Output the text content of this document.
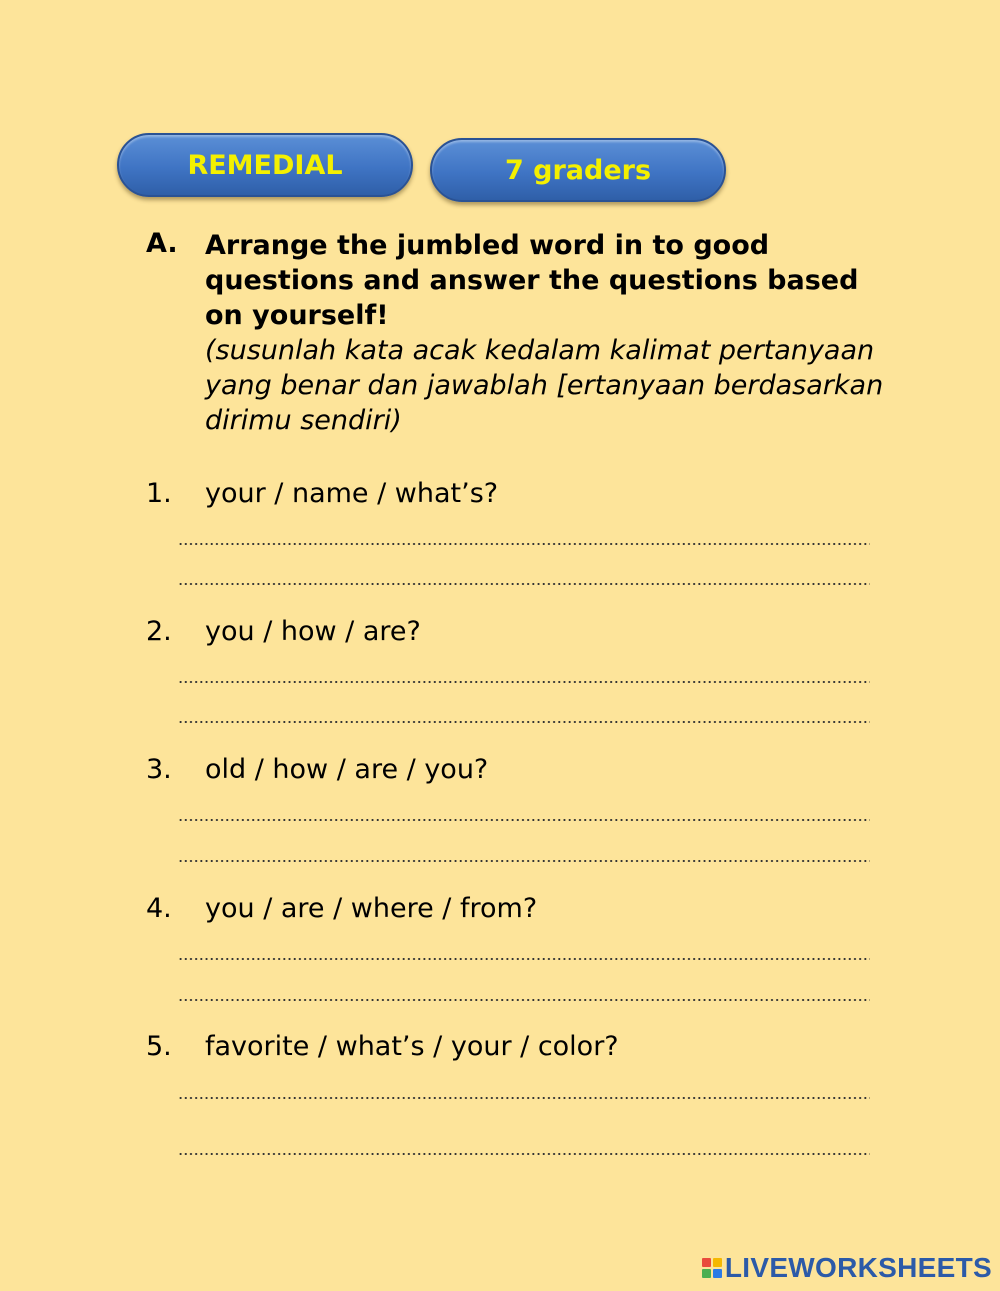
REMEDIAL	7 graders
A. Arrange the jumbled word in to good questions and answer the questions based on yourself!
(susunlah kata acak kedalam kalimat pertanyaan yang benar dan jawablah [ertanyaan berdasarkan dirimu sendiri)
1. your / name / what’s?
2. you / how / are?
3. old / how / are / you?
4. you / are / where / from?
5. favorite / what’s / your / color?
LIVEWORKSHEETS
